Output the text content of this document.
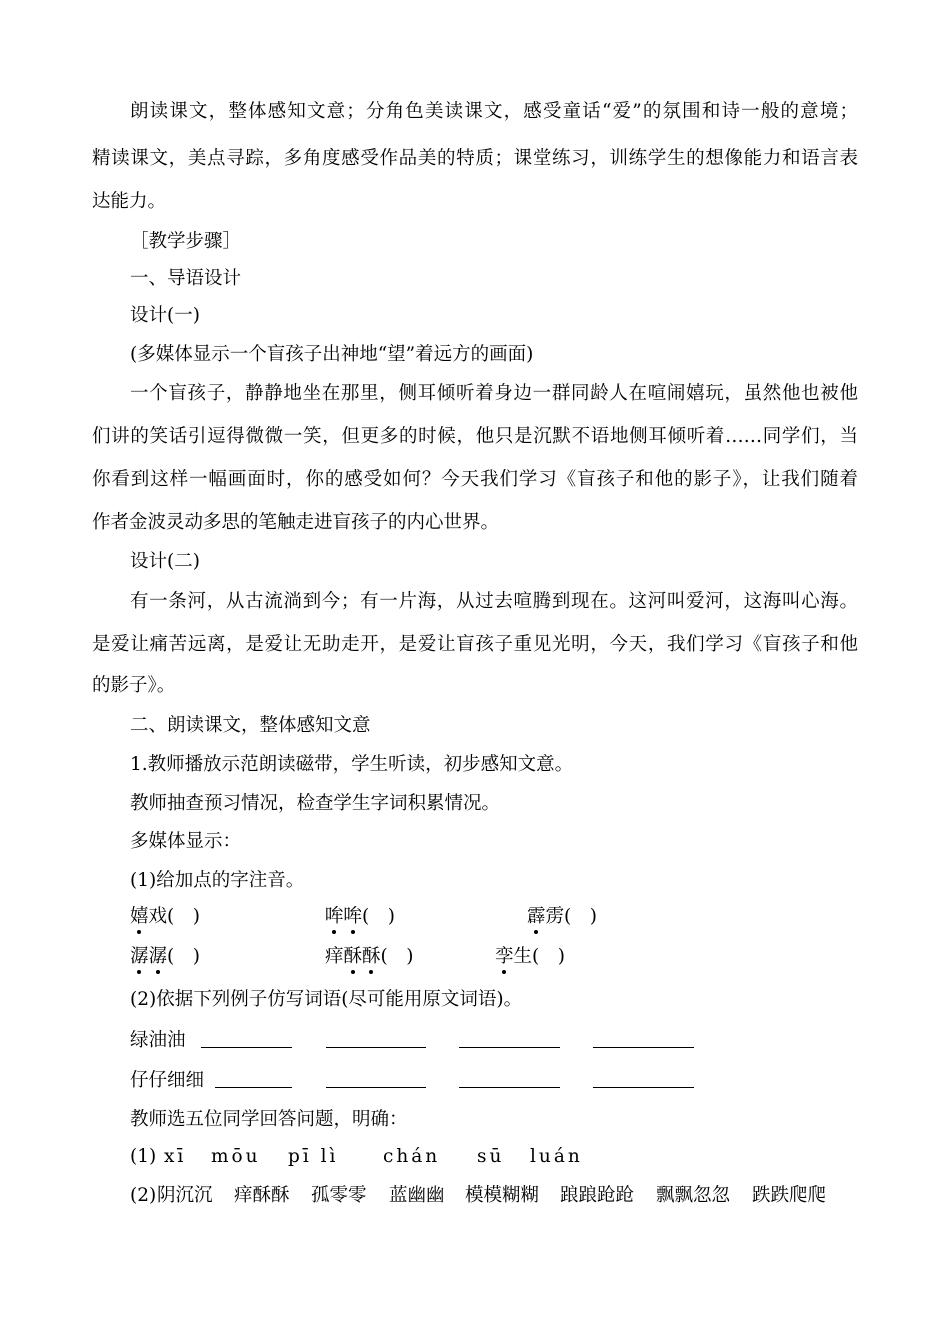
朗读课文，整体感知文意；分角色美读课文，感受童话“爱”的氛围和诗一般的意境；
精读课文，美点寻踪，多角度感受作品美的特质；课堂练习，训练学生的想像能力和语言表
达能力。
［教学步骤］
一、导语设计
设计(一)
(多媒体显示一个盲孩子出神地“望”着远方的画面)
一个盲孩子，静静地坐在那里，侧耳倾听着身边一群同龄人在喧闹嬉玩，虽然他也被他
们讲的笑话引逗得微微一笑，但更多的时候，他只是沉默不语地侧耳倾听着……同学们，当
你看到这样一幅画面时，你的感受如何？今天我们学习《盲孩子和他的影子》，让我们随着
作者金波灵动多思的笔触走进盲孩子的内心世界。
设计(二)
有一条河，从古流淌到今；有一片海，从过去喧腾到现在。这河叫爱河，这海叫心海。
是爱让痛苦远离，是爱让无助走开，是爱让盲孩子重见光明，今天，我们学习《盲孩子和他
的影子》。
二、朗读课文，整体感知文意
1.教师播放示范朗读磁带，学生听读，初步感知文意。
教师抽查预习情况，检查学生字词积累情况。
多媒体显示：
(1)给加点的字注音。
嬉戏(　)	哞哞(　)	霹雳(　)
潺潺(　)	痒酥酥(　)	孪生(　)
(2)依据下列例子仿写词语(尽可能用原文词语)。
绿油油
仔仔细细
教师选五位同学回答问题，明确：
(1) xī mōu pī lì chán sū luán
(2) 阴沉沉 痒酥酥 孤零零 蓝幽幽 模模糊糊 踉踉跄跄 飘飘忽忽 跌跌爬爬
